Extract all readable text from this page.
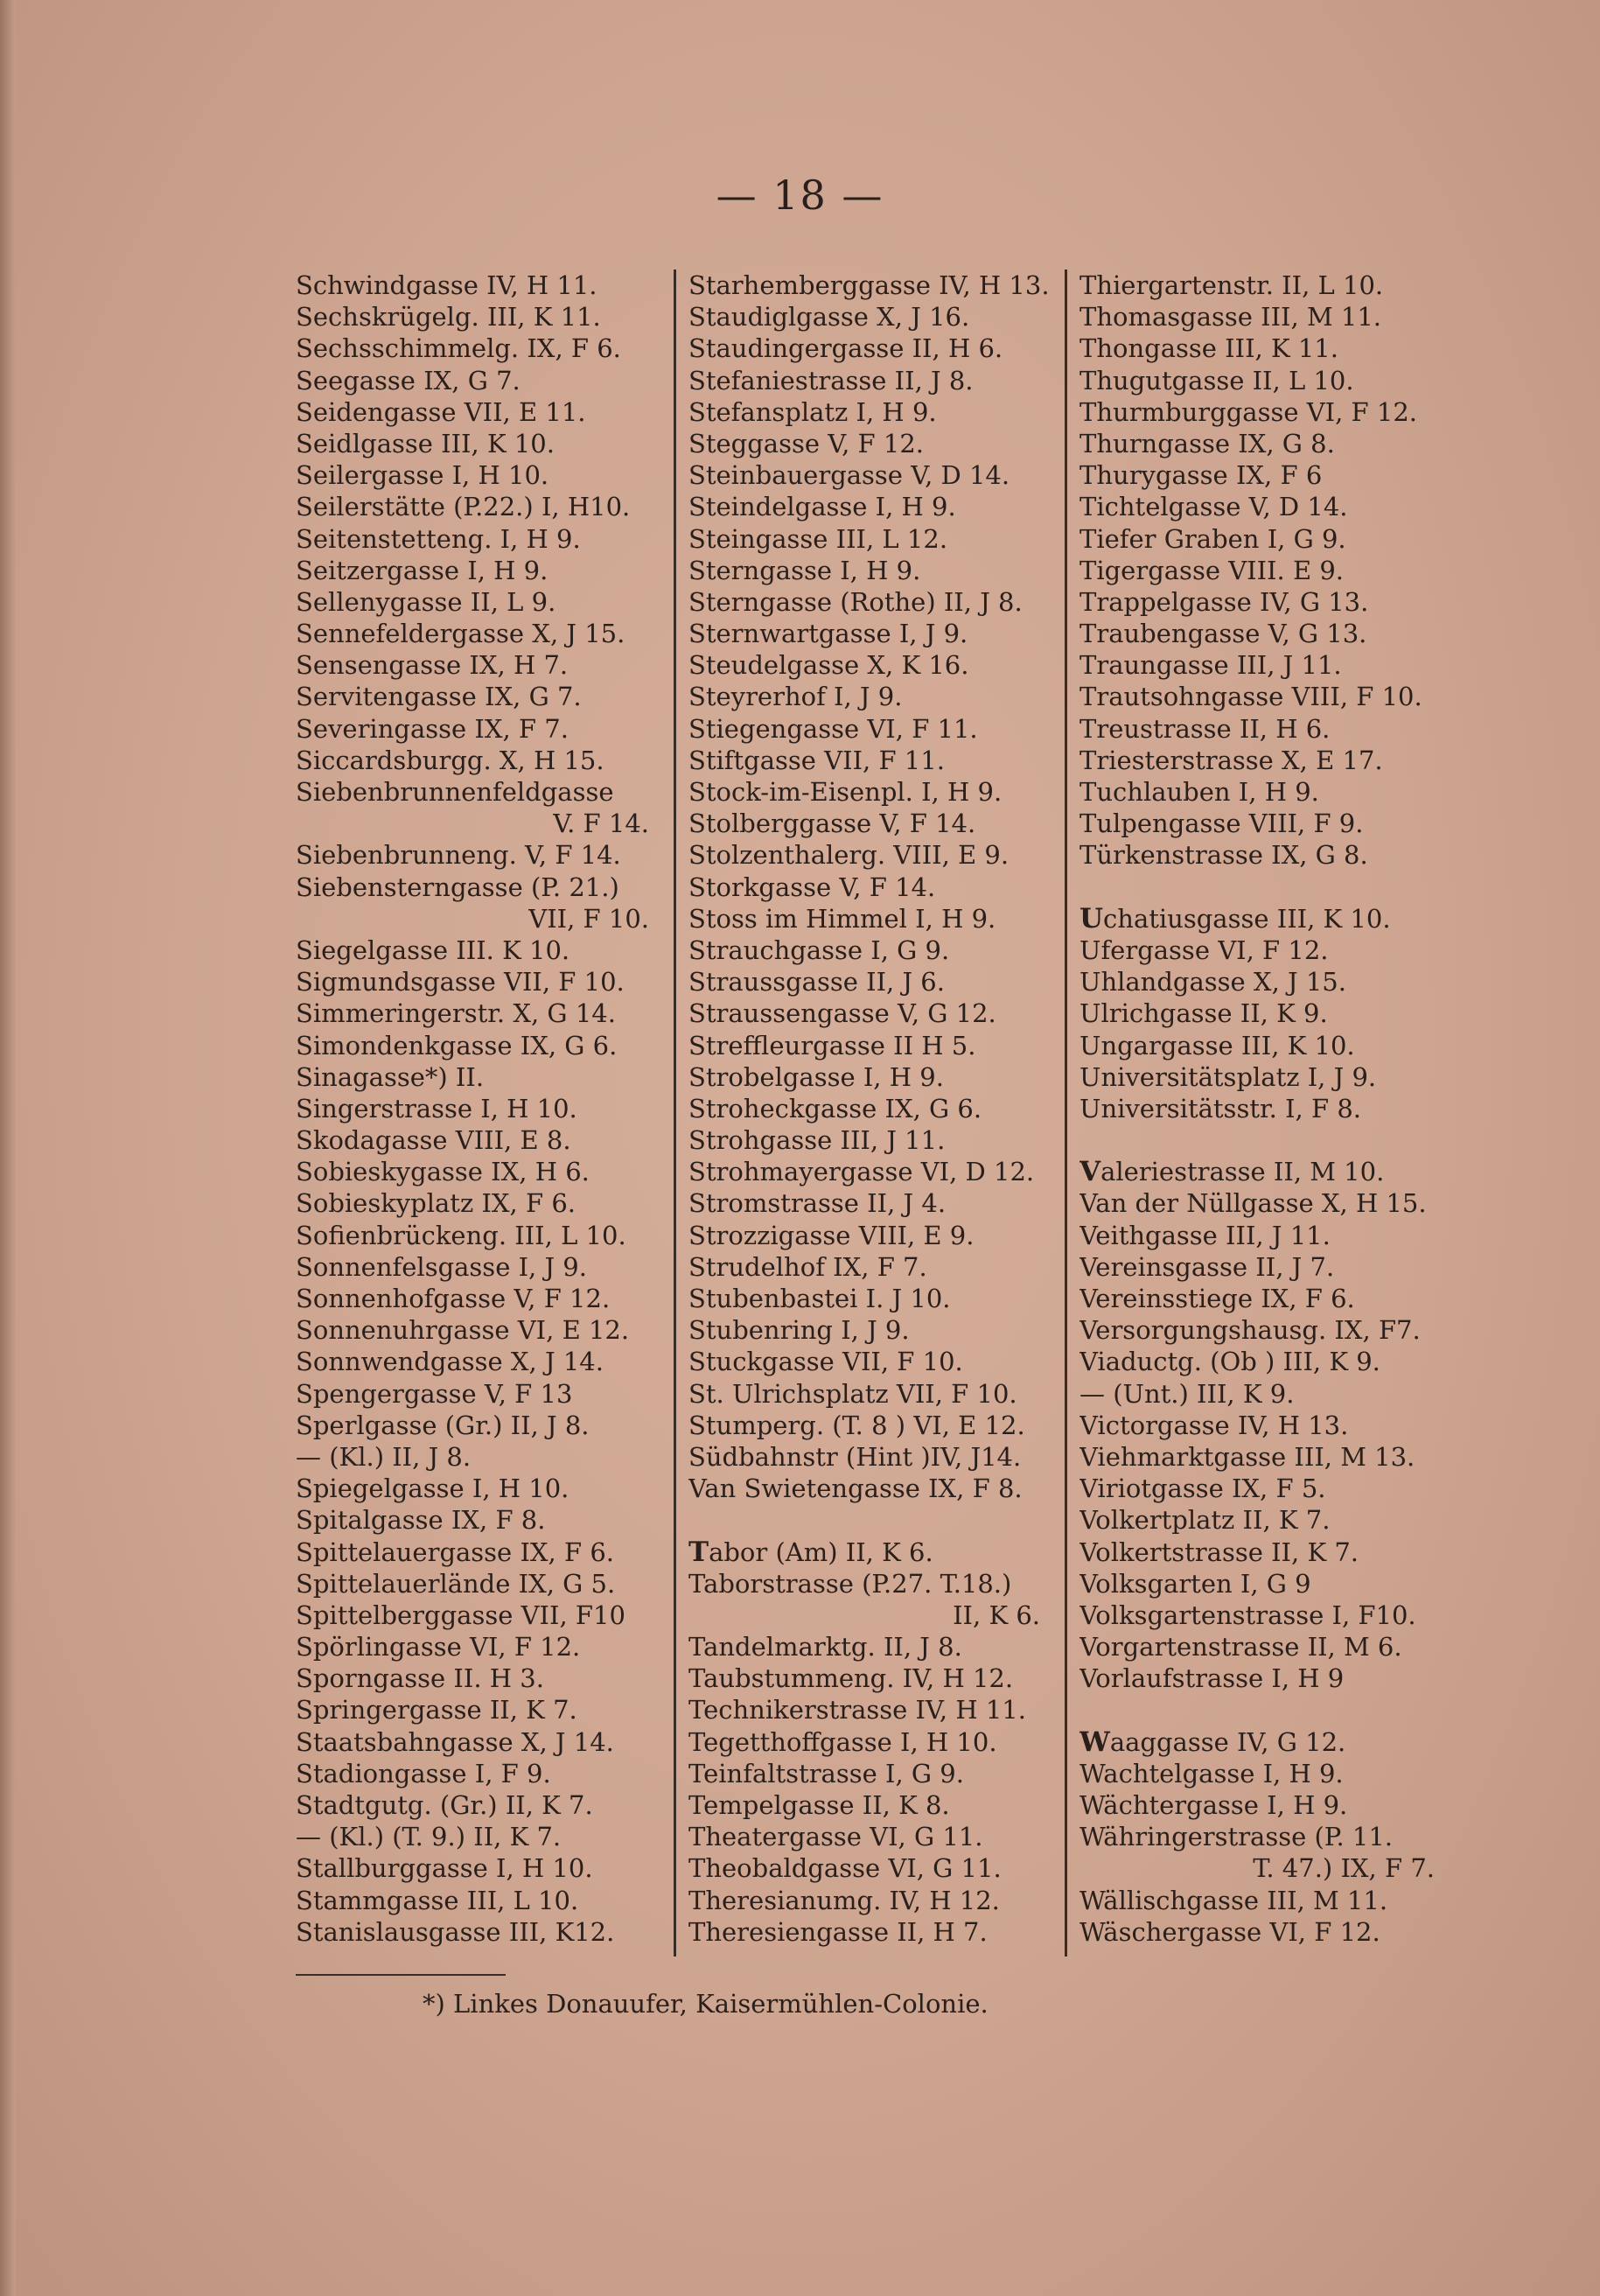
— 18 —
Schwindgasse IV, H 11.
Sechskrügelg. III, K 11.
Sechsschimmelg. IX, F 6.
Seegasse IX, G 7.
Seidengasse VII, E 11.
Seidlgasse III, K 10.
Seilergasse I, H 10.
Seilerstätte (P.22.) I, H10.
Seitenstetteng. I, H 9.
Seitzergasse I, H 9.
Sellenygasse II, L 9.
Sennefeldergasse X, J 15.
Sensengasse IX, H 7.
Servitengasse IX, G 7.
Severingasse IX, F 7.
Siccardsburgg. X, H 15.
Siebenbrunnenfeldgasse
V. F 14.
Siebenbrunneng. V, F 14.
Siebensterngasse (P. 21.)
VII, F 10.
Siegelgasse III. K 10.
Sigmundsgasse VII, F 10.
Simmeringerstr. X, G 14.
Simondenkgasse IX, G 6.
Sinagasse*) II.
Singerstrasse I, H 10.
Skodagasse VIII, E 8.
Sobieskygasse IX, H 6.
Sobieskyplatz IX, F 6.
Sofienbrückeng. III, L 10.
Sonnenfelsgasse I, J 9.
Sonnenhofgasse V, F 12.
Sonnenuhrgasse VI, E 12.
Sonnwendgasse X, J 14.
Spengergasse V, F 13
Sperlgasse (Gr.) II, J 8.
— (Kl.) II, J 8.
Spiegelgasse I, H 10.
Spitalgasse IX, F 8.
Spittelauergasse IX, F 6.
Spittelauerlände IX, G 5.
Spittelberggasse VII, F10
Spörlingasse VI, F 12.
Sporngasse II. H 3.
Springergasse II, K 7.
Staatsbahngasse X, J 14.
Stadiongasse I, F 9.
Stadtgutg. (Gr.) II, K 7.
— (Kl.) (T. 9.) II, K 7.
Stallburggasse I, H 10.
Stammgasse III, L 10.
Stanislausgasse III, K12.
Starhemberggasse IV, H 13.
Staudiglgasse X, J 16.
Staudingergasse II, H 6.
Stefaniestrasse II, J 8.
Stefansplatz I, H 9.
Steggasse V, F 12.
Steinbauergasse V, D 14.
Steindelgasse I, H 9.
Steingasse III, L 12.
Sterngasse I, H 9.
Sterngasse (Rothe) II, J 8.
Sternwartgasse I, J 9.
Steudelgasse X, K 16.
Steyrerhof I, J 9.
Stiegengasse VI, F 11.
Stiftgasse VII, F 11.
Stock-im-Eisenpl. I, H 9.
Stolberggasse V, F 14.
Stolzenthalerg. VIII, E 9.
Storkgasse V, F 14.
Stoss im Himmel I, H 9.
Strauchgasse I, G 9.
Straussgasse II, J 6.
Straussengasse V, G 12.
Streffleurgasse II H 5.
Strobelgasse I, H 9.
Stroheckgasse IX, G 6.
Strohgasse III, J 11.
Strohmayergasse VI, D 12.
Stromstrasse II, J 4.
Strozzigasse VIII, E 9.
Strudelhof IX, F 7.
Stubenbastei I. J 10.
Stubenring I, J 9.
Stuckgasse VII, F 10.
St. Ulrichsplatz VII, F 10.
Stumperg. (T. 8 ) VI, E 12.
Südbahnstr (Hint )IV, J14.
Van Swietengasse IX, F 8.
Tabor (Am) II, K 6.
Taborstrasse (P.27. T.18.)
II, K 6.
Tandelmarktg. II, J 8.
Taubstummeng. IV, H 12.
Technikerstrasse IV, H 11.
Tegetthoffgasse I, H 10.
Teinfaltstrasse I, G 9.
Tempelgasse II, K 8.
Theatergasse VI, G 11.
Theobaldgasse VI, G 11.
Theresianumg. IV, H 12.
Theresiengasse II, H 7.
Thiergartenstr. II, L 10.
Thomasgasse III, M 11.
Thongasse III, K 11.
Thugutgasse II, L 10.
Thurmburggasse VI, F 12.
Thurngasse IX, G 8.
Thurygasse IX, F 6
Tichtelgasse V, D 14.
Tiefer Graben I, G 9.
Tigergasse VIII. E 9.
Trappelgasse IV, G 13.
Traubengasse V, G 13.
Traungasse III, J 11.
Trautsohngasse VIII, F 10.
Treustrasse II, H 6.
Triesterstrasse X, E 17.
Tuchlauben I, H 9.
Tulpengasse VIII, F 9.
Türkenstrasse IX, G 8.
Uchatiusgasse III, K 10.
Ufergasse VI, F 12.
Uhlandgasse X, J 15.
Ulrichgasse II, K 9.
Ungargasse III, K 10.
Universitätsplatz I, J 9.
Universitätsstr. I, F 8.
Valeriestrasse II, M 10.
Van der Nüllgasse X, H 15.
Veithgasse III, J 11.
Vereinsgasse II, J 7.
Vereinsstiege IX, F 6.
Versorgungshausg. IX, F7.
Viaductg. (Ob ) III, K 9.
— (Unt.) III, K 9.
Victorgasse IV, H 13.
Viehmarktgasse III, M 13.
Viriotgasse IX, F 5.
Volkertplatz II, K 7.
Volkertstrasse II, K 7.
Volksgarten I, G 9
Volksgartenstrasse I, F10.
Vorgartenstrasse II, M 6.
Vorlaufstrasse I, H 9
Waaggasse IV, G 12.
Wachtelgasse I, H 9.
Wächtergasse I, H 9.
Währingerstrasse (P. 11.
T. 47.) IX, F 7.
Wällischgasse III, M 11.
Wäschergasse VI, F 12.
*) Linkes Donauufer, Kaisermühlen-Colonie.
